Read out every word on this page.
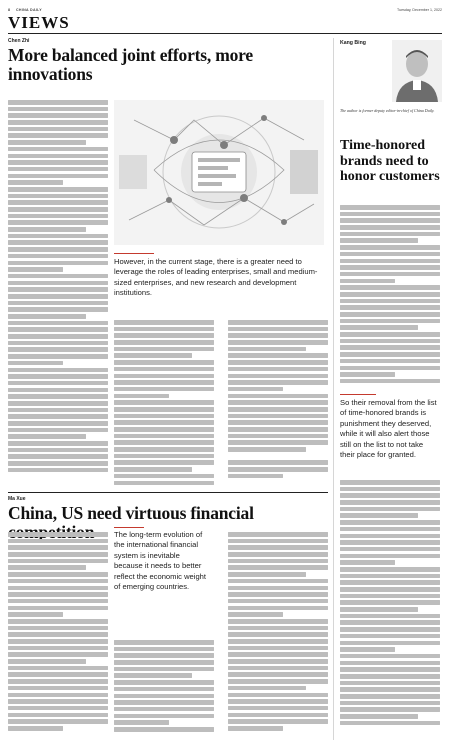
8 CHINA DAILY	Tuesday, December 1, 2022
VIEWS
Chen Zhi
More balanced joint efforts, more innovations
However, in the current stage, there is a greater need to leverage the roles of leading enterprises, small and medium-sized enterprises, and new research and development institutions.
Ma Xue
China, US need virtuous financial
The long-term evolution of the international financial system is inevitable because it needs to better reflect the economic weight of emerging countries.
Kang Bing
The author is former deputy editor-in-chief of China Daily.
Time-honored brands need to honor customers
So their removal from the list of time-honored brands is punishment they deserved, while it will also alert those still on the list to not take their place for granted.
